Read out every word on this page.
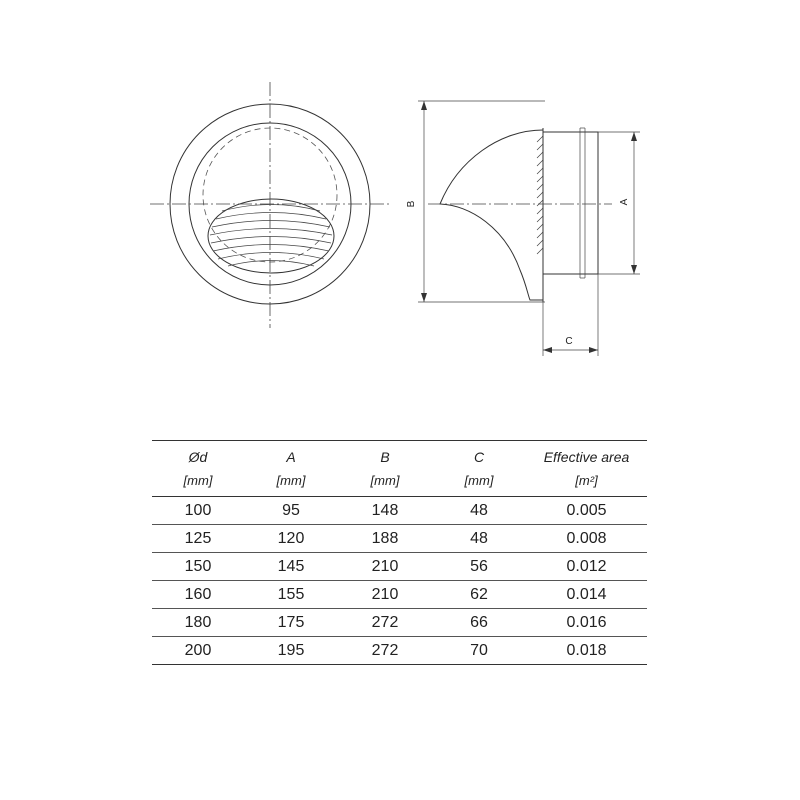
B	A
C
Ød	A	B	C	Effective area
[mm]	[mm]	[mm]	[mm]	[m²]
100	95	148	48	0.005
125	120	188	48	0.008
150	145	210	56	0.012
160	155	210	62	0.014
180	175	272	66	0.016
200	195	272	70	0.018
